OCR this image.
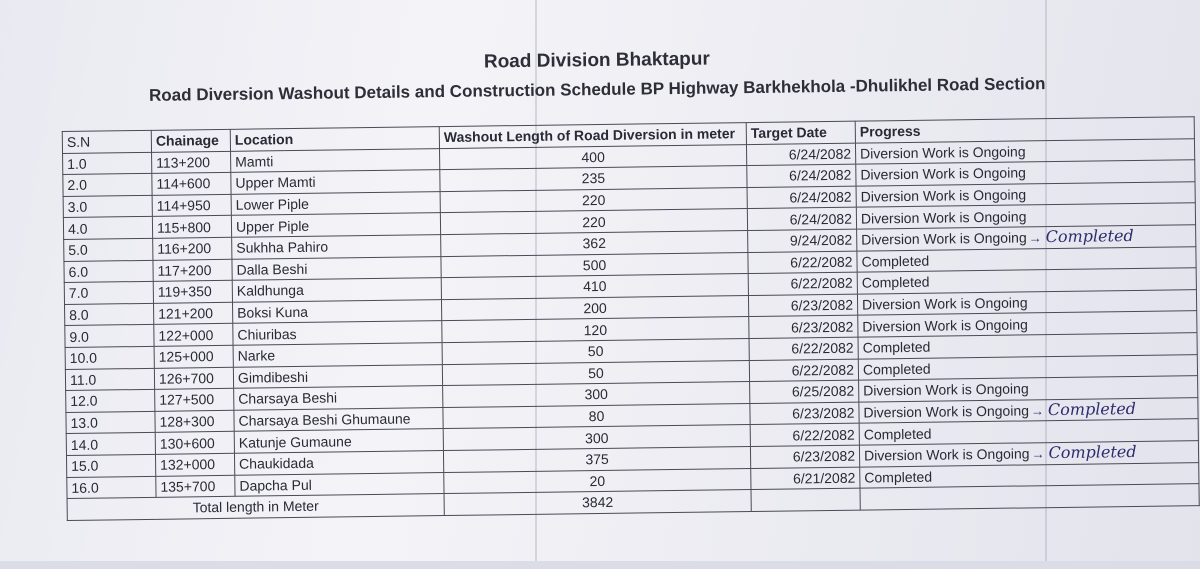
Road Division Bhaktapur
Road Diversion Washout Details and Construction Schedule BP Highway Barkhekhola -Dhulikhel Road Section
S.N	Chainage	Location	Washout Length of Road Diversion in meter	Target Date	Progress
1.0	113+200	Mamti	400	6/24/2082	Diversion Work is Ongoing
2.0	114+600	Upper Mamti	235	6/24/2082	Diversion Work is Ongoing
3.0	114+950	Lower Piple	220	6/24/2082	Diversion Work is Ongoing
4.0	115+800	Upper Piple	220	6/24/2082	Diversion Work is Ongoing
5.0	116+200	Sukhha Pahiro	362	9/24/2082	Diversion Work is Ongoing → Completed
6.0	117+200	Dalla Beshi	500	6/22/2082	Completed
7.0	119+350	Kaldhunga	410	6/22/2082	Completed
8.0	121+200	Boksi Kuna	200	6/23/2082	Diversion Work is Ongoing
9.0	122+000	Chiuribas	120	6/23/2082	Diversion Work is Ongoing
10.0	125+000	Narke	50	6/22/2082	Completed
11.0	126+700	Gimdibeshi	50	6/22/2082	Completed
12.0	127+500	Charsaya Beshi	300	6/25/2082	Diversion Work is Ongoing
13.0	128+300	Charsaya Beshi Ghumaune	80	6/23/2082	Diversion Work is Ongoing → Completed
14.0	130+600	Katunje Gumaune	300	6/22/2082	Completed
15.0	132+000	Chaukidada	375	6/23/2082	Diversion Work is Ongoing → Completed
16.0	135+700	Dapcha Pul	20	6/21/2082	Completed
Total length in Meter			3842		
